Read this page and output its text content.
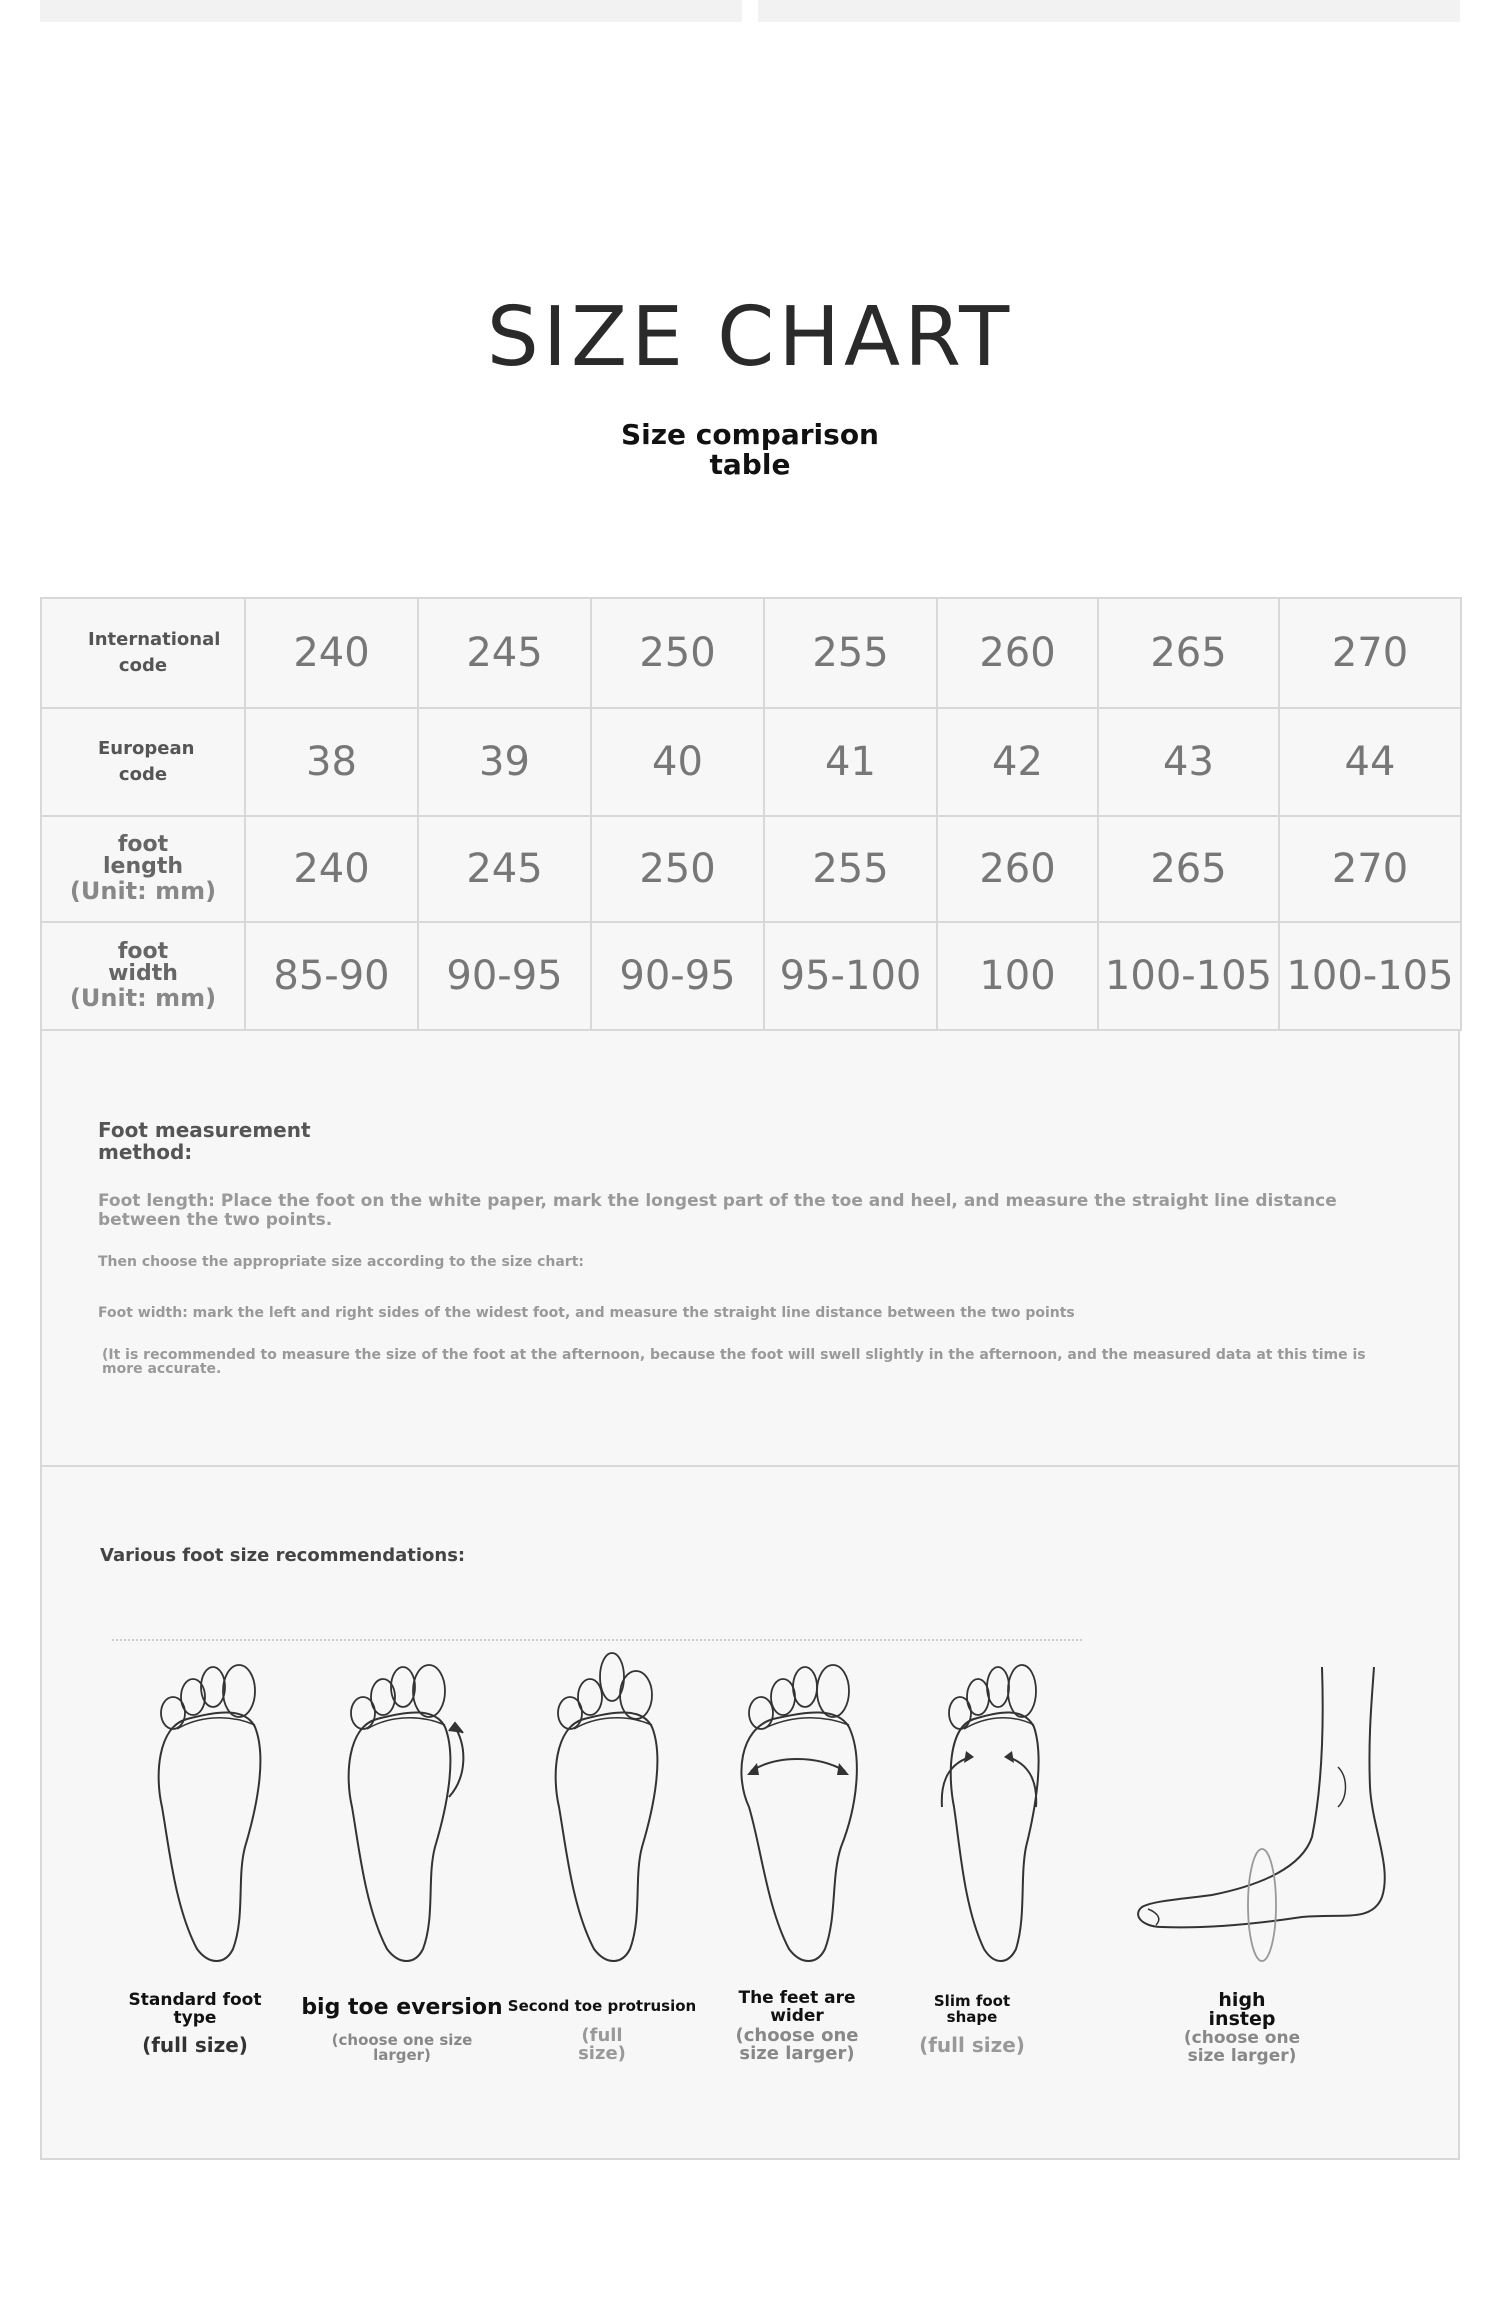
SIZE CHART
Size comparison table
International code	240	245	250	255	260	265	270

European code	38	39	40	41	42	43	44

foot length
(Unit: mm)	240	245	250	255	260	265	270

foot width
(Unit: mm)	85-90	90-95	90-95	95-100	100	100-105	100-105
Foot measurement method:
Foot length: Place the foot on the white paper, mark the longest part of the toe and heel, and measure the straight line distance between the two points.
Then choose the appropriate size according to the size chart:
Foot width: mark the left and right sides of the widest foot, and measure the straight line distance between the two points
(It is recommended to measure the size of the foot at the afternoon, because the foot will swell slightly in the afternoon, and the measured data at this time is more accurate.
Various foot size recommendations:
Standard foot type
(full size)
big toe eversion
(choose one size larger)
Second toe protrusion
(full size)
The feet are wider
(choose one size larger)
Slim foot shape
(full size)
high instep
(choose one size larger)
